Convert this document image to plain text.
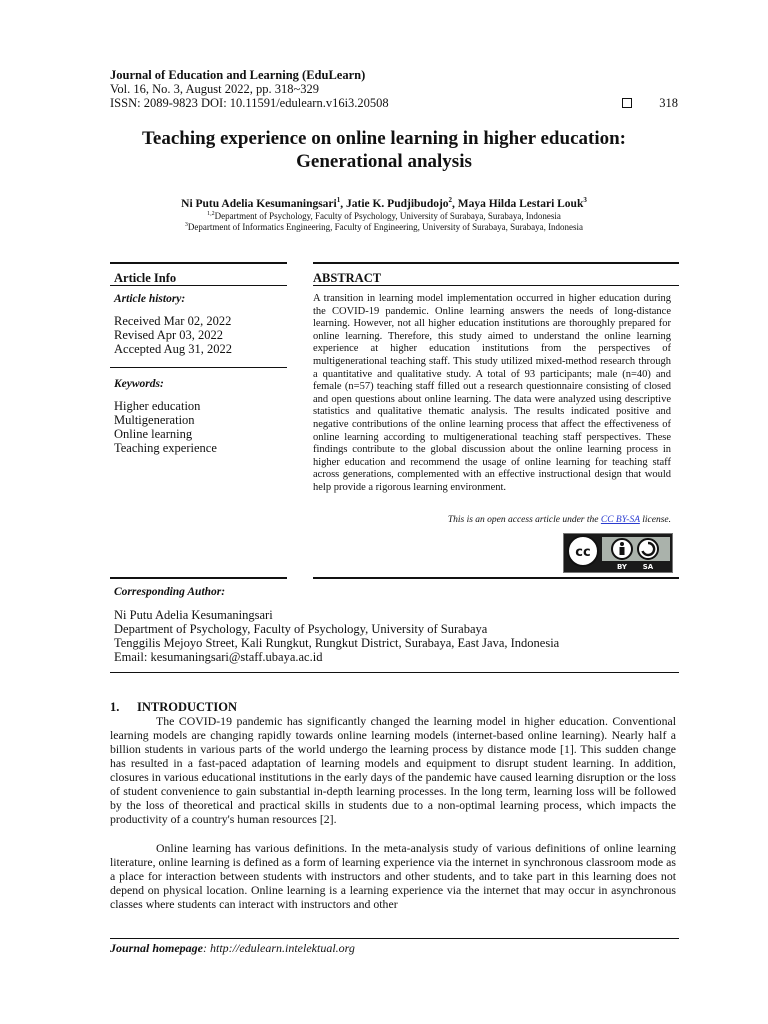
Journal of Education and Learning (EduLearn)
Vol. 16, No. 3, August 2022, pp. 318~329
ISSN: 2089-9823 DOI: 10.11591/edulearn.v16i3.20508	318
Teaching experience on online learning in higher education:
Generational analysis
Ni Putu Adelia Kesumaningsari$^1$, Jatie K. Pudjibudojo$^2$, Maya Hilda Lestari Louk$^3$
$^{1,2}$Department of Psychology, Faculty of Psychology, University of Surabaya, Surabaya, Indonesia
$^3$Department of Informatics Engineering, Faculty of Engineering, University of Surabaya, Surabaya, Indonesia
Article Info
Article history:
Received Mar 02, 2022
Revised Apr 03, 2022
Accepted Aug 31, 2022
Keywords:
Higher education
Multigeneration
Online learning
Teaching experience
ABSTRACT
A transition in learning model implementation occurred in higher education during the COVID-19 pandemic. Online learning answers the needs of long-distance learning. However, not all higher education institutions are thoroughly prepared for online learning. Therefore, this study aimed to understand the online learning experience at higher education institutions from the perspectives of multigenerational teaching staff. This study utilized mixed-method research through a quantitative and qualitative study. A total of 93 participants; male (n=40) and female (n=57) teaching staff filled out a research questionnaire consisting of closed and open questions about online learning. The data were analyzed using descriptive statistics and qualitative thematic analysis. The results indicated positive and negative contributions of the online learning process that affect the effectiveness of online learning according to multigenerational teaching staff perspectives. These findings contribute to the global discussion about the online learning process in higher education and recommend the usage of online learning for teaching staff across generations, complemented with an effective instructional design that would help provide a rigorous learning environment.
This is an open access article under the CC BY-SA license.
cc
BY SA
Corresponding Author:
Ni Putu Adelia Kesumaningsari
Department of Psychology, Faculty of Psychology, University of Surabaya
Tenggilis Mejoyo Street, Kali Rungkut, Rungkut District, Surabaya, East Java, Indonesia
Email: kesumaningsari@staff.ubaya.ac.id
1. INTRODUCTION
The COVID-19 pandemic has significantly changed the learning model in higher education. Conventional learning models are changing rapidly towards online learning models (internet-based online learning). Nearly half a billion students in various parts of the world undergo the learning process by distance mode [1]. This sudden change has resulted in a fast-paced adaptation of learning models and equipment to disrupt student learning. In addition, closures in various educational institutions in the early days of the pandemic have caused learning disruption or the loss of student convenience to gain substantial in-depth learning processes. In the long term, learning loss will be followed by the loss of theoretical and practical skills in students due to a non-optimal learning process, which impacts the productivity of a country's human resources [2].
Online learning has various definitions. In the meta-analysis study of various definitions of online learning literature, online learning is defined as a form of learning experience via the internet in synchronous classroom mode as a place for interaction between students with instructors and other students, and to take part in this learning does not depend on physical location. Online learning is a learning experience via the internet that may occur in asynchronous classes where students can interact with instructors and other
Journal homepage: http://edulearn.intelektual.org
